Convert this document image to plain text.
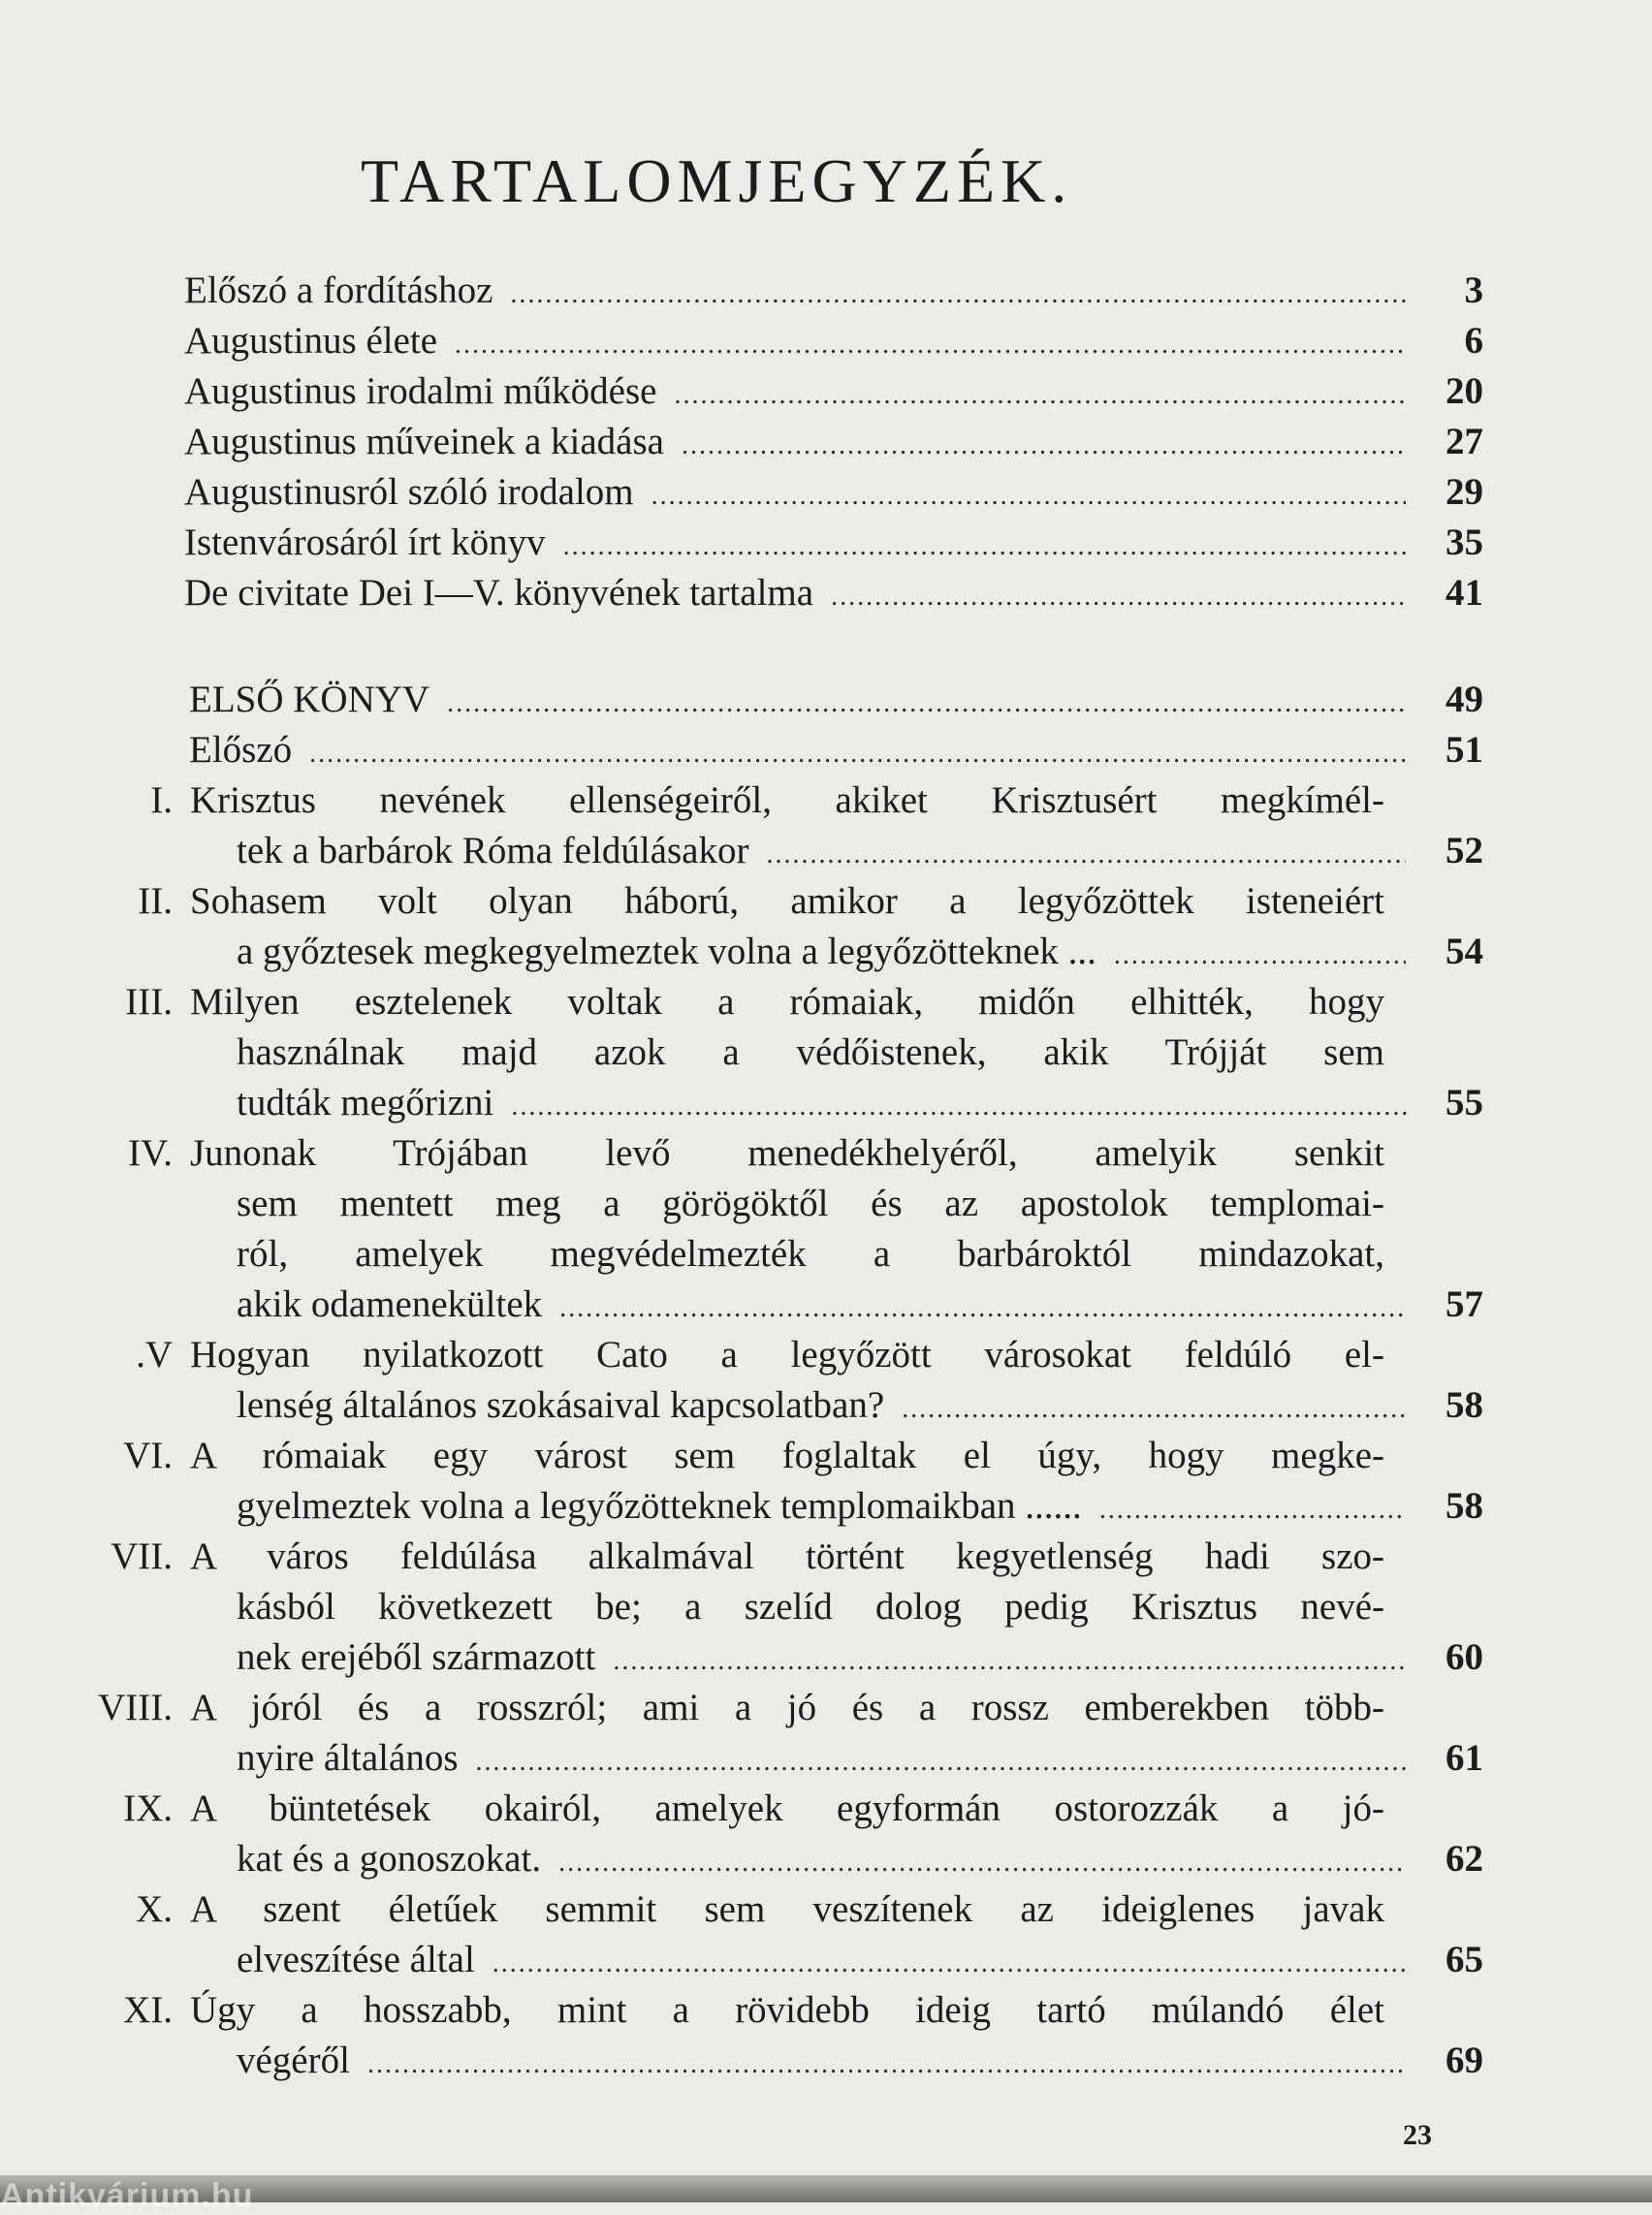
TARTALOMJEGYZÉK.
Előszó a fordításhoz .....	3
Augustinus élete .....	6
Augustinus irodalmi működése .....	20
Augustinus műveinek a kiadása .....	27
Augustinusról szóló irodalom .....	29
Istenvárosáról írt könyv .....	35
De civitate Dei I—V. könyvének tartalma .....	41
ELSŐ KÖNYV .....	49
Előszó .....	51
I. Krisztus nevének ellenségeiről, akiket Krisztusért megkímél-
tek a barbárok Róma feldúlásakor .....	52
II. Sohasem volt olyan háború, amikor a legyőzöttek isteneiért
a győztesek megkegyelmeztek volna a legyőzötteknek ... .....	54
III. Milyen esztelenek voltak a rómaiak, midőn elhitték, hogy
használnak majd azok a védőistenek, akik Trójját sem
tudták megőrizni .....	55
IV. Junonak Trójában levő menedékhelyéről, amelyik senkit
sem mentett meg a görögöktől és az apostolok templomai-
ról, amelyek megvédelmezték a barbároktól mindazokat,
akik odamenekültek .....	57
.V Hogyan nyilatkozott Cato a legyőzött városokat feldúló el-
lenség általános szokásaival kapcsolatban? .....	58
VI. A rómaiak egy várost sem foglaltak el úgy, hogy megke-
gyelmeztek volna a legyőzötteknek templomaikban ...... .....	58
VII. A város feldúlása alkalmával történt kegyetlenség hadi szo-
kásból következett be; a szelíd dolog pedig Krisztus nevé-
nek erejéből származott .....	60
VIII. A jóról és a rosszról; ami a jó és a rossz emberekben több-
nyire általános .....	61
IX. A büntetések okairól, amelyek egyformán ostorozzák a jó-
kat és a gonoszokat. .....	62
X. A szent életűek semmit sem veszítenek az ideiglenes javak
elveszítése által .....	65
XI. Úgy a hosszabb, mint a rövidebb ideig tartó múlandó élet
végéről .....	69
23
Antikvárium.hu
